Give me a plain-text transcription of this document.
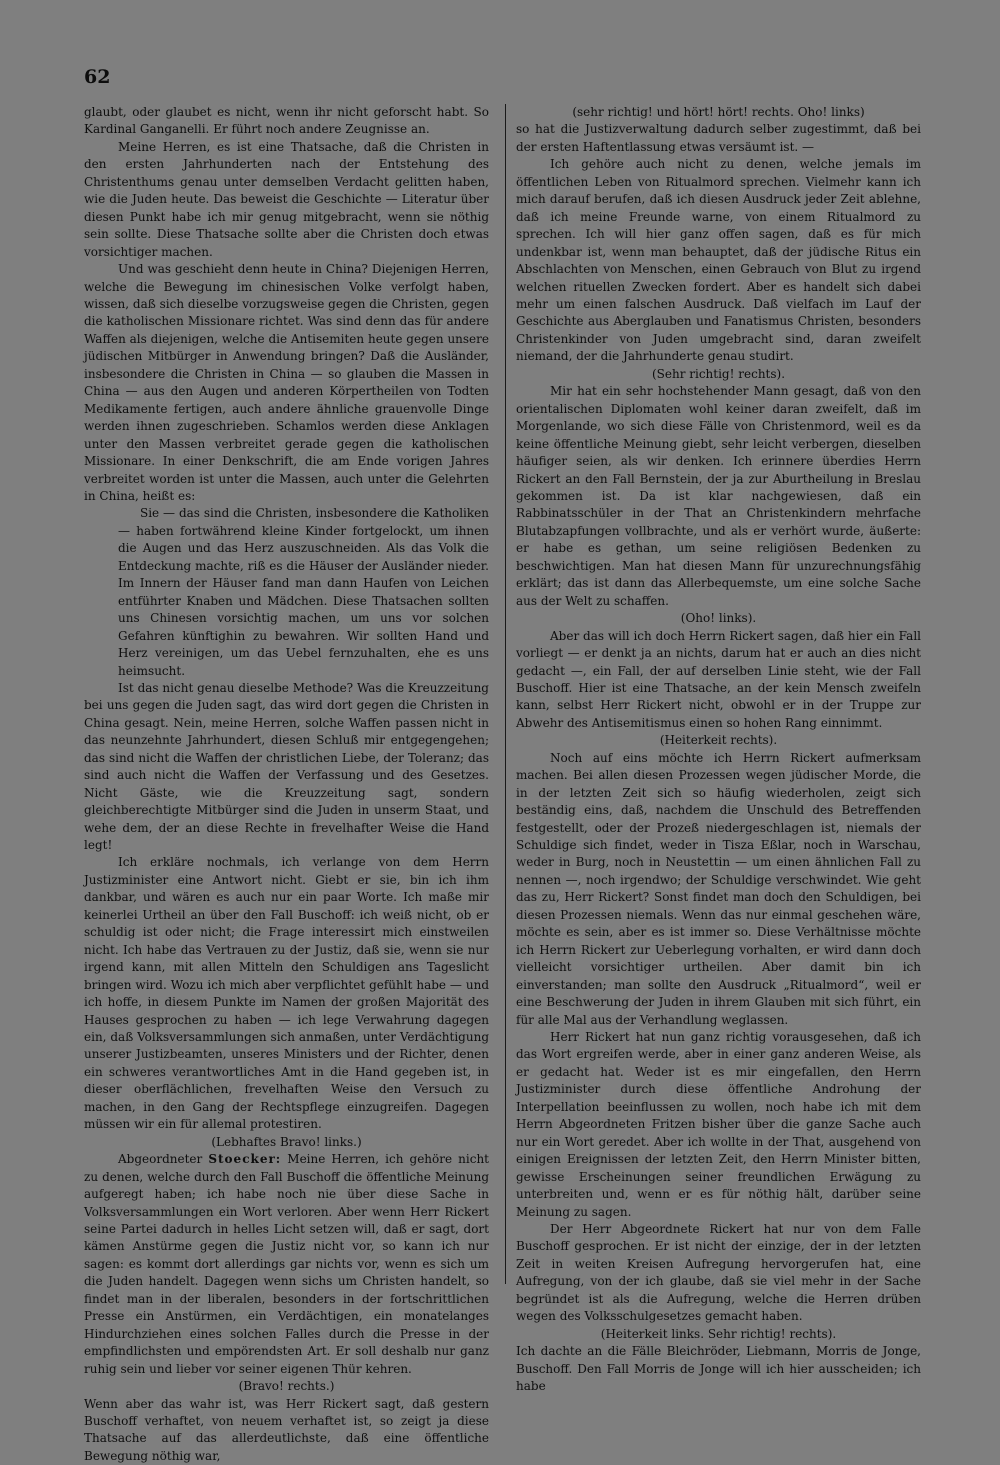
62

glaubt, oder glaubet es nicht, wenn ihr nicht geforscht habt. So Kardinal Ganganelli. Er führt noch andere Zeugnisse an.

Meine Herren, es ist eine Thatsache, daß die Christen in den ersten Jahrhunderten nach der Entstehung des Christenthums genau unter demselben Verdacht gelitten haben, wie die Juden heute. Das beweist die Geschichte — Literatur über diesen Punkt habe ich mir genug mitgebracht, wenn sie nöthig sein sollte. Diese Thatsache sollte aber die Christen doch etwas vorsichtiger machen.

Und was geschieht denn heute in China? Diejenigen Herren, welche die Bewegung im chinesischen Volke verfolgt haben, wissen, daß sich dieselbe vorzugsweise gegen die Christen, gegen die katholischen Missionare richtet. Was sind denn das für andere Waffen als diejenigen, welche die Antisemiten heute gegen unsere jüdischen Mitbürger in Anwendung bringen? Daß die Ausländer, insbesondere die Christen in China — so glauben die Massen in China — aus den Augen und anderen Körpertheilen von Todten Medikamente fertigen, auch andere ähnliche grauenvolle Dinge werden ihnen zugeschrieben. Schamlos werden diese Anklagen unter den Massen verbreitet gerade gegen die katholischen Missionare. In einer Denkschrift, die am Ende vorigen Jahres verbreitet worden ist unter die Massen, auch unter die Gelehrten in China, heißt es:

Sie — das sind die Christen, insbesondere die Katholiken — haben fortwährend kleine Kinder fortgelockt, um ihnen die Augen und das Herz auszuschneiden. Als das Volk die Entdeckung machte, riß es die Häuser der Ausländer nieder. Im Innern der Häuser fand man dann Haufen von Leichen entführter Knaben und Mädchen. Diese Thatsachen sollten uns Chinesen vorsichtig machen, um uns vor solchen Gefahren künftighin zu bewahren. Wir sollten Hand und Herz vereinigen, um das Uebel fernzuhalten, ehe es uns heimsucht.

Ist das nicht genau dieselbe Methode? Was die Kreuzzeitung bei uns gegen die Juden sagt, das wird dort gegen die Christen in China gesagt. Nein, meine Herren, solche Waffen passen nicht in das neunzehnte Jahrhundert, diesen Schluß mir entgegengehen; das sind nicht die Waffen der christlichen Liebe, der Toleranz; das sind auch nicht die Waffen der Verfassung und des Gesetzes. Nicht Gäste, wie die Kreuzzeitung sagt, sondern gleichberechtigte Mitbürger sind die Juden in unserm Staat, und wehe dem, der an diese Rechte in frevelhafter Weise die Hand legt!

Ich erkläre nochmals, ich verlange von dem Herrn Justizminister eine Antwort nicht. Giebt er sie, bin ich ihm dankbar, und wären es auch nur ein paar Worte. Ich maße mir keinerlei Urtheil an über den Fall Buschoff: ich weiß nicht, ob er schuldig ist oder nicht; die Frage interessirt mich einstweilen nicht. Ich habe das Vertrauen zu der Justiz, daß sie, wenn sie nur irgend kann, mit allen Mitteln den Schuldigen ans Tageslicht bringen wird. Wozu ich mich aber verpflichtet gefühlt habe — und ich hoffe, in diesem Punkte im Namen der großen Majorität des Hauses gesprochen zu haben — ich lege Verwahrung dagegen ein, daß Volksversammlungen sich anmaßen, unter Verdächtigung unserer Justizbeamten, unseres Ministers und der Richter, denen ein schweres verantwortliches Amt in die Hand gegeben ist, in dieser oberflächlichen, frevelhaften Weise den Versuch zu machen, in den Gang der Rechtspflege einzugreifen. Dagegen müssen wir ein für allemal protestiren.

(Lebhaftes Bravo! links.)

Abgeordneter Stoecker: Meine Herren, ich gehöre nicht zu denen, welche durch den Fall Buschoff die öffentliche Meinung aufgeregt haben; ich habe noch nie über diese Sache in Volksversammlungen ein Wort verloren. Aber wenn Herr Rickert seine Partei dadurch in helles Licht setzen will, daß er sagt, dort kämen Anstürme gegen die Justiz nicht vor, so kann ich nur sagen: es kommt dort allerdings gar nichts vor, wenn es sich um die Juden handelt. Dagegen wenn sichs um Christen handelt, so findet man in der liberalen, besonders in der fortschrittlichen Presse ein Anstürmen, ein Verdächtigen, ein monatelanges Hindurchziehen eines solchen Falles durch die Presse in der empfindlichsten und empörendsten Art. Er soll deshalb nur ganz ruhig sein und lieber vor seiner eigenen Thür kehren.

(Bravo! rechts.)

Wenn aber das wahr ist, was Herr Rickert sagt, daß gestern Buschoff verhaftet, von neuem verhaftet ist, so zeigt ja diese Thatsache auf das allerdeutlichste, daß eine öffentliche Bewegung nöthig war,

(sehr richtig! und hört! hört! rechts. Oho! links)

so hat die Justizverwaltung dadurch selber zugestimmt, daß bei der ersten Haftentlassung etwas versäumt ist. —

Ich gehöre auch nicht zu denen, welche jemals im öffentlichen Leben von Ritualmord sprechen. Vielmehr kann ich mich darauf berufen, daß ich diesen Ausdruck jeder Zeit ablehne, daß ich meine Freunde warne, von einem Ritualmord zu sprechen. Ich will hier ganz offen sagen, daß es für mich undenkbar ist, wenn man behauptet, daß der jüdische Ritus ein Abschlachten von Menschen, einen Gebrauch von Blut zu irgend welchen rituellen Zwecken fordert. Aber es handelt sich dabei mehr um einen falschen Ausdruck. Daß vielfach im Lauf der Geschichte aus Aberglauben und Fanatismus Christen, besonders Christenkinder von Juden umgebracht sind, daran zweifelt niemand, der die Jahrhunderte genau studirt.

(Sehr richtig! rechts).

Mir hat ein sehr hochstehender Mann gesagt, daß von den orientalischen Diplomaten wohl keiner daran zweifelt, daß im Morgenlande, wo sich diese Fälle von Christenmord, weil es da keine öffentliche Meinung giebt, sehr leicht verbergen, dieselben häufiger seien, als wir denken. Ich erinnere überdies Herrn Rickert an den Fall Bernstein, der ja zur Aburtheilung in Breslau gekommen ist. Da ist klar nachgewiesen, daß ein Rabbinatsschüler in der That an Christenkindern mehrfache Blutabzapfungen vollbrachte, und als er verhört wurde, äußerte: er habe es gethan, um seine religiösen Bedenken zu beschwichtigen. Man hat diesen Mann für unzurechnungsfähig erklärt; das ist dann das Allerbequemste, um eine solche Sache aus der Welt zu schaffen.

(Oho! links).

Aber das will ich doch Herrn Rickert sagen, daß hier ein Fall vorliegt — er denkt ja an nichts, darum hat er auch an dies nicht gedacht —, ein Fall, der auf derselben Linie steht, wie der Fall Buschoff. Hier ist eine Thatsache, an der kein Mensch zweifeln kann, selbst Herr Rickert nicht, obwohl er in der Truppe zur Abwehr des Antisemitismus einen so hohen Rang einnimmt.

(Heiterkeit rechts).

Noch auf eins möchte ich Herrn Rickert aufmerksam machen. Bei allen diesen Prozessen wegen jüdischer Morde, die in der letzten Zeit sich so häufig wiederholen, zeigt sich beständig eins, daß, nachdem die Unschuld des Betreffenden festgestellt, oder der Prozeß niedergeschlagen ist, niemals der Schuldige sich findet, weder in Tisza Eßlar, noch in Warschau, weder in Burg, noch in Neustettin — um einen ähnlichen Fall zu nennen —, noch irgendwo; der Schuldige verschwindet. Wie geht das zu, Herr Rickert? Sonst findet man doch den Schuldigen, bei diesen Prozessen niemals. Wenn das nur einmal geschehen wäre, möchte es sein, aber es ist immer so. Diese Verhältnisse möchte ich Herrn Rickert zur Ueberlegung vorhalten, er wird dann doch vielleicht vorsichtiger urtheilen. Aber damit bin ich einverstanden; man sollte den Ausdruck „Ritualmord“, weil er eine Beschwerung der Juden in ihrem Glauben mit sich führt, ein für alle Mal aus der Verhandlung weglassen.

Herr Rickert hat nun ganz richtig vorausgesehen, daß ich das Wort ergreifen werde, aber in einer ganz anderen Weise, als er gedacht hat. Weder ist es mir eingefallen, den Herrn Justizminister durch diese öffentliche Androhung der Interpellation beeinflussen zu wollen, noch habe ich mit dem Herrn Abgeordneten Fritzen bisher über die ganze Sache auch nur ein Wort geredet. Aber ich wollte in der That, ausgehend von einigen Ereignissen der letzten Zeit, den Herrn Minister bitten, gewisse Erscheinungen seiner freundlichen Erwägung zu unterbreiten und, wenn er es für nöthig hält, darüber seine Meinung zu sagen.

Der Herr Abgeordnete Rickert hat nur von dem Falle Buschoff gesprochen. Er ist nicht der einzige, der in der letzten Zeit in weiten Kreisen Aufregung hervorgerufen hat, eine Aufregung, von der ich glaube, daß sie viel mehr in der Sache begründet ist als die Aufregung, welche die Herren drüben wegen des Volksschulgesetzes gemacht haben.

(Heiterkeit links. Sehr richtig! rechts).

Ich dachte an die Fälle Bleichröder, Liebmann, Morris de Jonge, Buschoff. Den Fall Morris de Jonge will ich hier ausscheiden; ich habe
